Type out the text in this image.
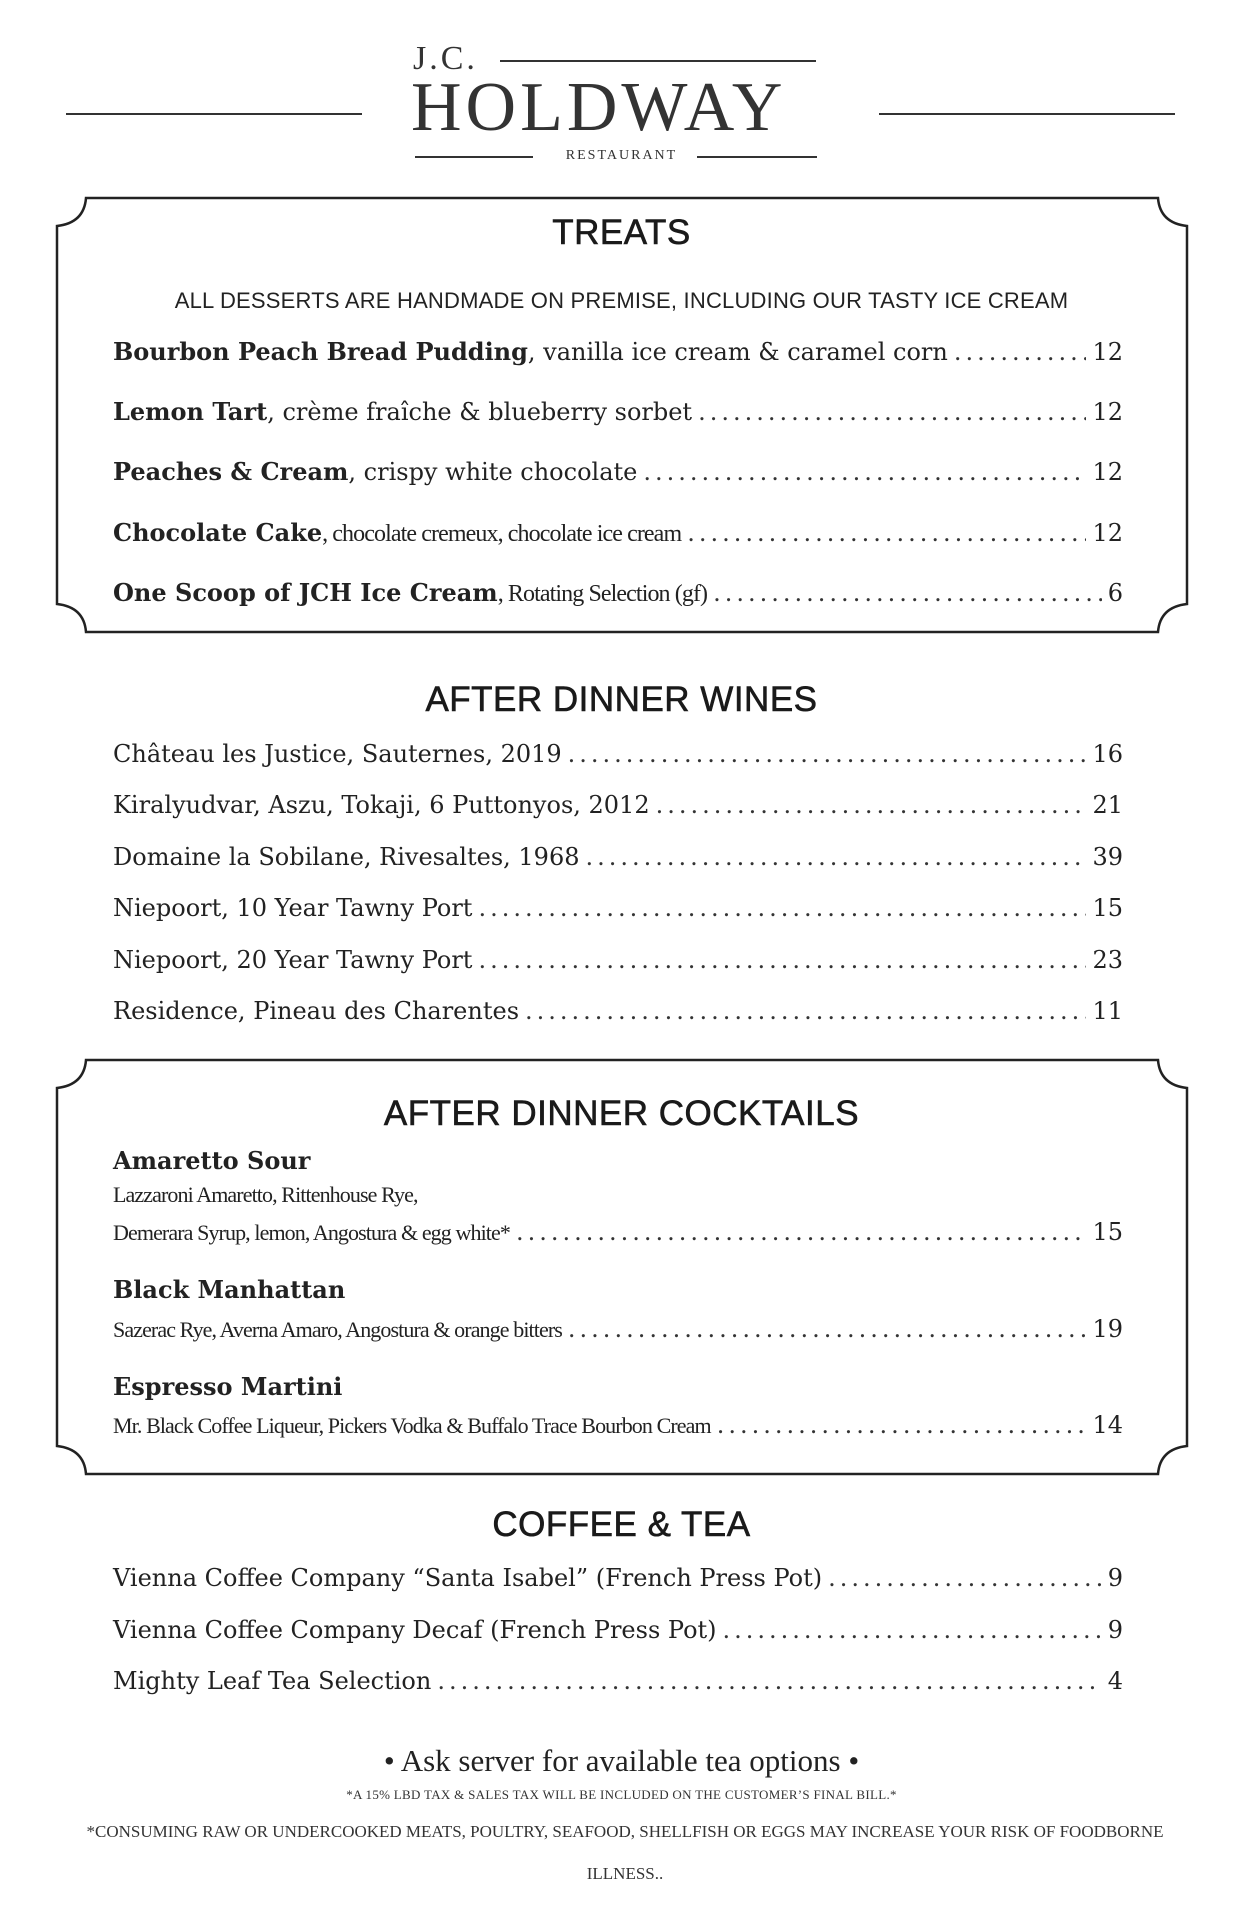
J.C.
HOLDWAY
RESTAURANT
TREATS
ALL DESSERTS ARE HANDMADE ON PREMISE, INCLUDING OUR TASTY ICE CREAM
Bourbon Peach Bread Pudding, vanilla ice cream & caramel corn .....	12
Lemon Tart, crème fraîche & blueberry sorbet .....	12
Peaches & Cream, crispy white chocolate .....	12
Chocolate Cake, chocolate cremeux, chocolate ice cream .....	12
One Scoop of JCH Ice Cream, Rotating Selection (gf) .....	6
AFTER DINNER WINES
Château les Justice, Sauternes, 2019 .....	16
Kiralyudvar, Aszu, Tokaji, 6 Puttonyos, 2012 .....	21
Domaine la Sobilane, Rivesaltes, 1968 .....	39
Niepoort, 10 Year Tawny Port .....	15
Niepoort, 20 Year Tawny Port .....	23
Residence, Pineau des Charentes .....	11
AFTER DINNER COCKTAILS
Amaretto Sour
Lazzaroni Amaretto, Rittenhouse Rye,
Demerara Syrup, lemon, Angostura & egg white* .....	15
Black Manhattan
Sazerac Rye, Averna Amaro, Angostura & orange bitters .....	19
Espresso Martini
Mr. Black Coffee Liqueur, Pickers Vodka & Buffalo Trace Bourbon Cream .....	14
COFFEE & TEA
Vienna Coffee Company “Santa Isabel” (French Press Pot) .....	9
Vienna Coffee Company Decaf (French Press Pot) .....	9
Mighty Leaf Tea Selection .....	4
• Ask server for available tea options •
*A 15% LBD TAX & SALES TAX WILL BE INCLUDED ON THE CUSTOMER’S FINAL BILL.*
*CONSUMING RAW OR UNDERCOOKED MEATS, POULTRY, SEAFOOD, SHELLFISH OR EGGS MAY INCREASE YOUR RISK OF FOODBORNE ILLNESS..
